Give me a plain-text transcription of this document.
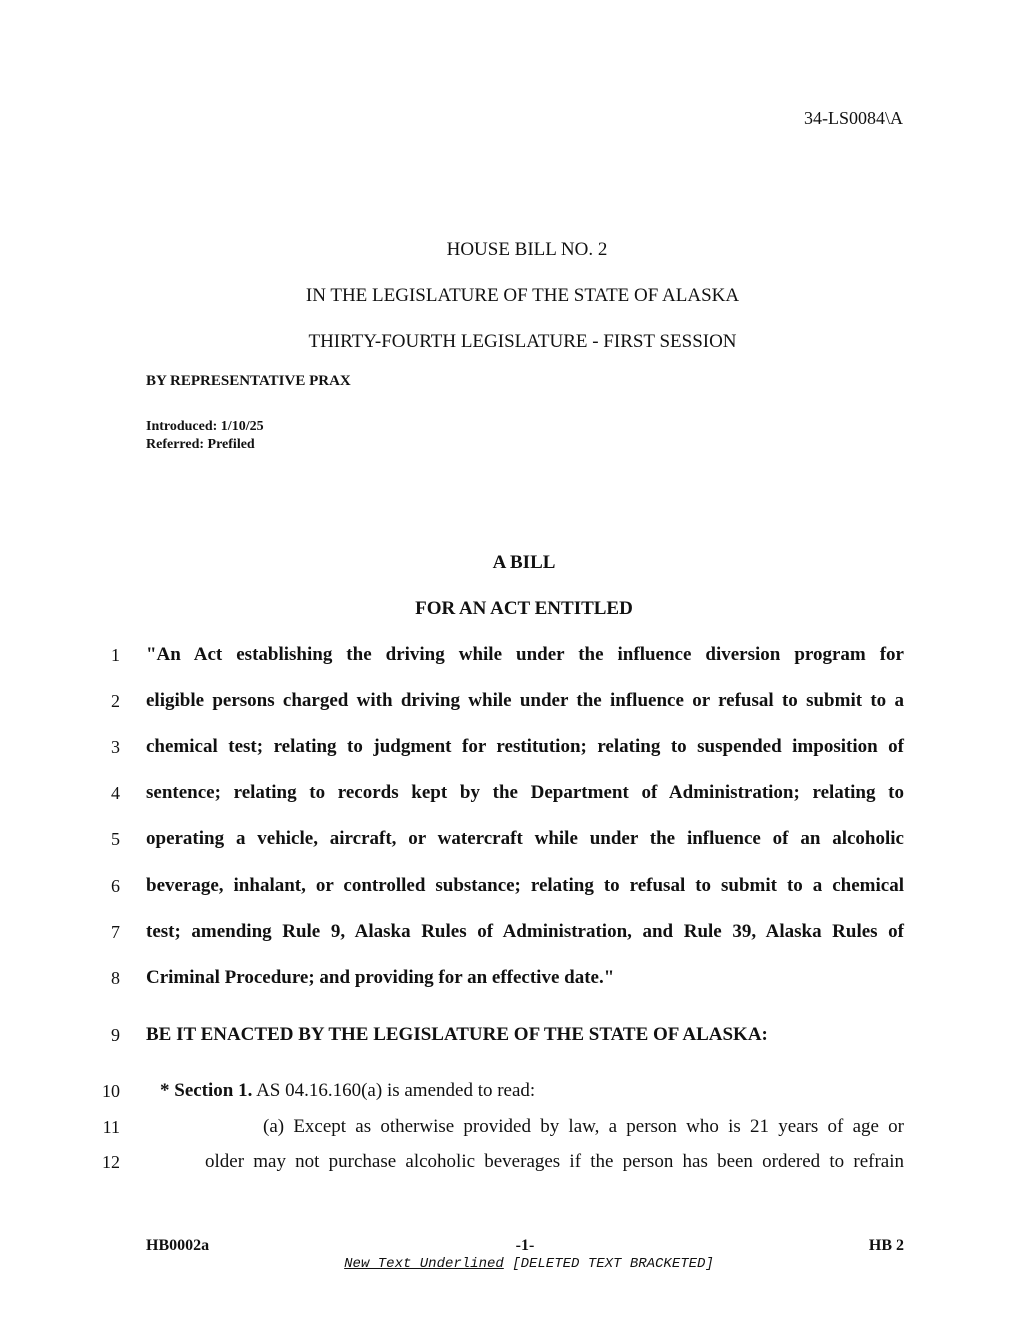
34-LS0084\A
HOUSE BILL NO. 2
IN THE LEGISLATURE OF THE STATE OF ALASKA
THIRTY-FOURTH LEGISLATURE - FIRST SESSION
BY REPRESENTATIVE PRAX
Introduced: 1/10/25
Referred: Prefiled
A BILL
FOR AN ACT ENTITLED
1 "An Act establishing the driving while under the influence diversion program for
2 eligible persons charged with driving while under the influence or refusal to submit to a
3 chemical test; relating to judgment for restitution; relating to suspended imposition of
4 sentence; relating to records kept by the Department of Administration; relating to
5 operating a vehicle, aircraft, or watercraft while under the influence of an alcoholic
6 beverage, inhalant, or controlled substance; relating to refusal to submit to a chemical
7 test; amending Rule 9, Alaska Rules of Administration, and Rule 39, Alaska Rules of
8 Criminal Procedure; and providing for an effective date."
9 BE IT ENACTED BY THE LEGISLATURE OF THE STATE OF ALASKA:
10 * Section 1. AS 04.16.160(a) is amended to read:
11	(a) Except as otherwise provided by law, a person who is 21 years of age or
12	older may not purchase alcoholic beverages if the person has been ordered to refrain
HB0002a	-1-	HB 2
New Text Underlined [DELETED TEXT BRACKETED]
